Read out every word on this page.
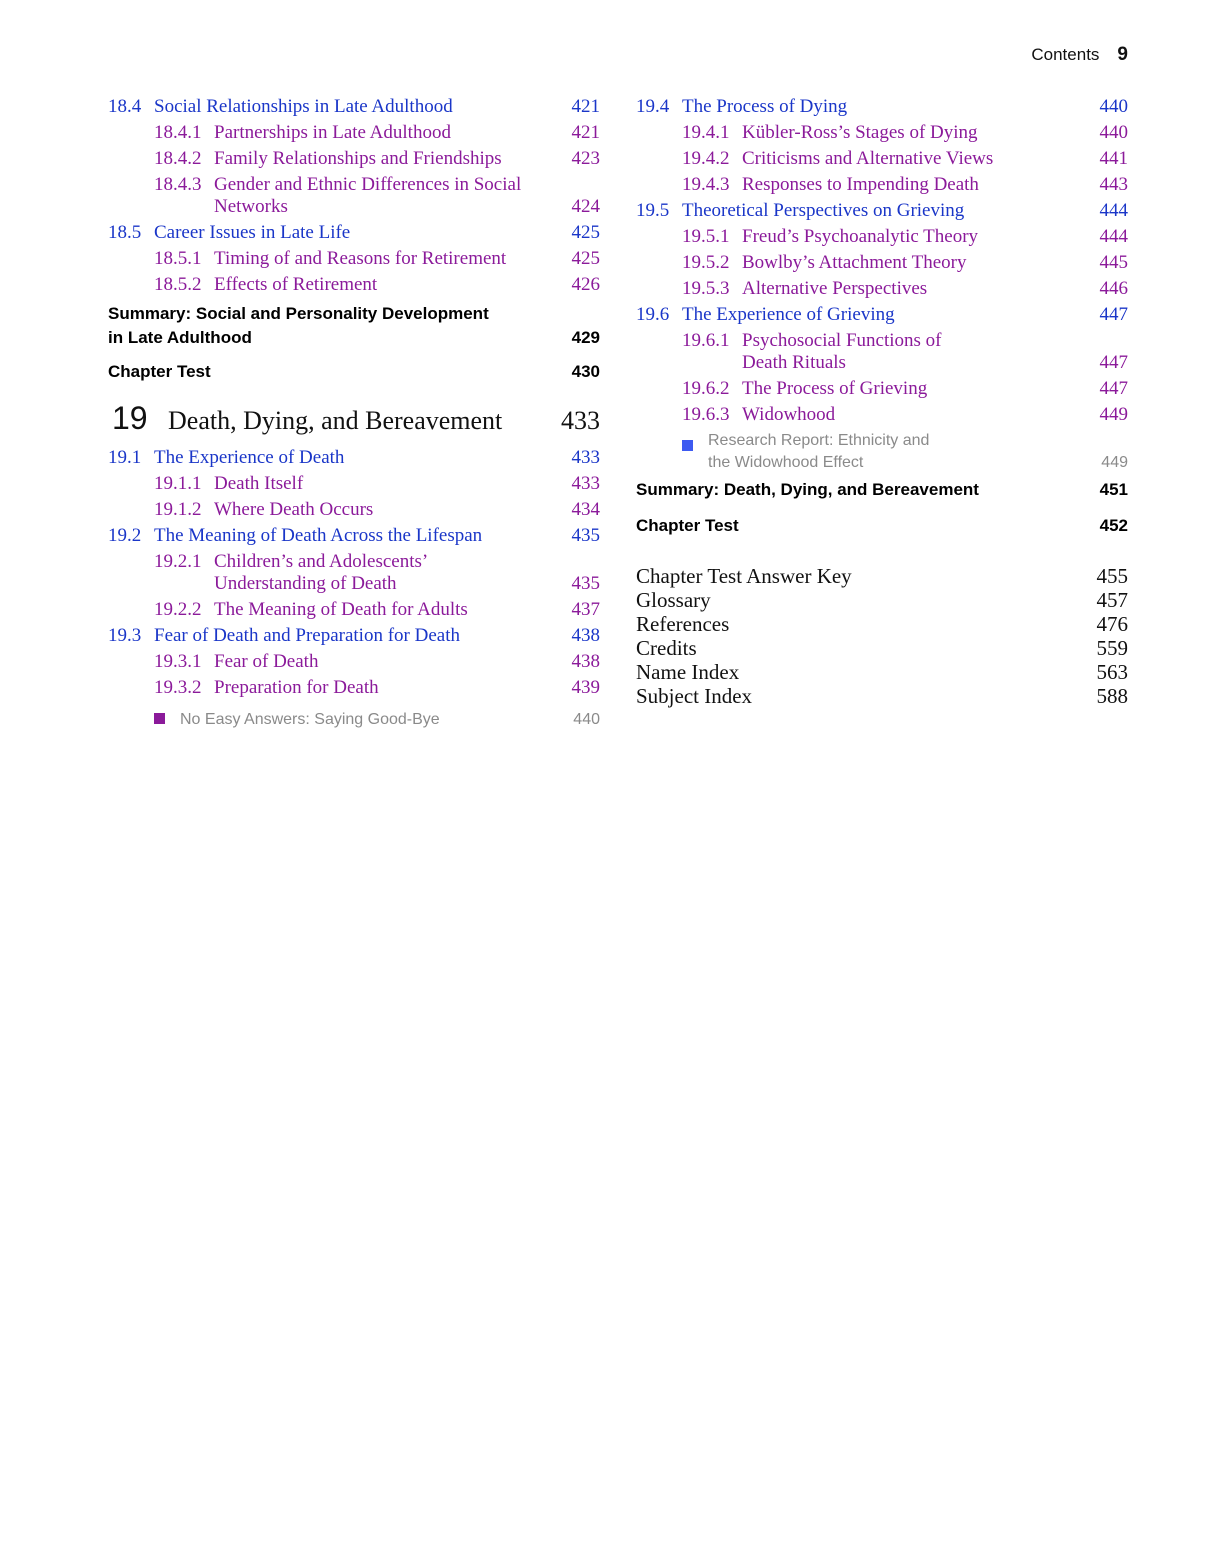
Contents 9
18.4 Social Relationships in Late Adulthood	421
18.4.1 Partnerships in Late Adulthood	421
18.4.2 Family Relationships and Friendships	423
18.4.3 Gender and Ethnic Differences in Social
Networks	424
18.5 Career Issues in Late Life	425
18.5.1 Timing of and Reasons for Retirement	425
18.5.2 Effects of Retirement	426
Summary: Social and Personality Development
in Late Adulthood	429
Chapter Test	430
19 Death, Dying, and Bereavement	433
19.1 The Experience of Death	433
19.1.1 Death Itself	433
19.1.2 Where Death Occurs	434
19.2 The Meaning of Death Across the Lifespan	435
19.2.1 Children’s and Adolescents’
Understanding of Death	435
19.2.2 The Meaning of Death for Adults	437
19.3 Fear of Death and Preparation for Death	438
19.3.1 Fear of Death	438
19.3.2 Preparation for Death	439
No Easy Answers: Saying Good-Bye	440
19.4 The Process of Dying	440
19.4.1 Kübler-Ross’s Stages of Dying	440
19.4.2 Criticisms and Alternative Views	441
19.4.3 Responses to Impending Death	443
19.5 Theoretical Perspectives on Grieving	444
19.5.1 Freud’s Psychoanalytic Theory	444
19.5.2 Bowlby’s Attachment Theory	445
19.5.3 Alternative Perspectives	446
19.6 The Experience of Grieving	447
19.6.1 Psychosocial Functions of
Death Rituals	447
19.6.2 The Process of Grieving	447
19.6.3 Widowhood	449
Research Report: Ethnicity and
the Widowhood Effect	449
Summary: Death, Dying, and Bereavement	451
Chapter Test	452
Chapter Test Answer Key	455
Glossary	457
References	476
Credits	559
Name Index	563
Subject Index	588
